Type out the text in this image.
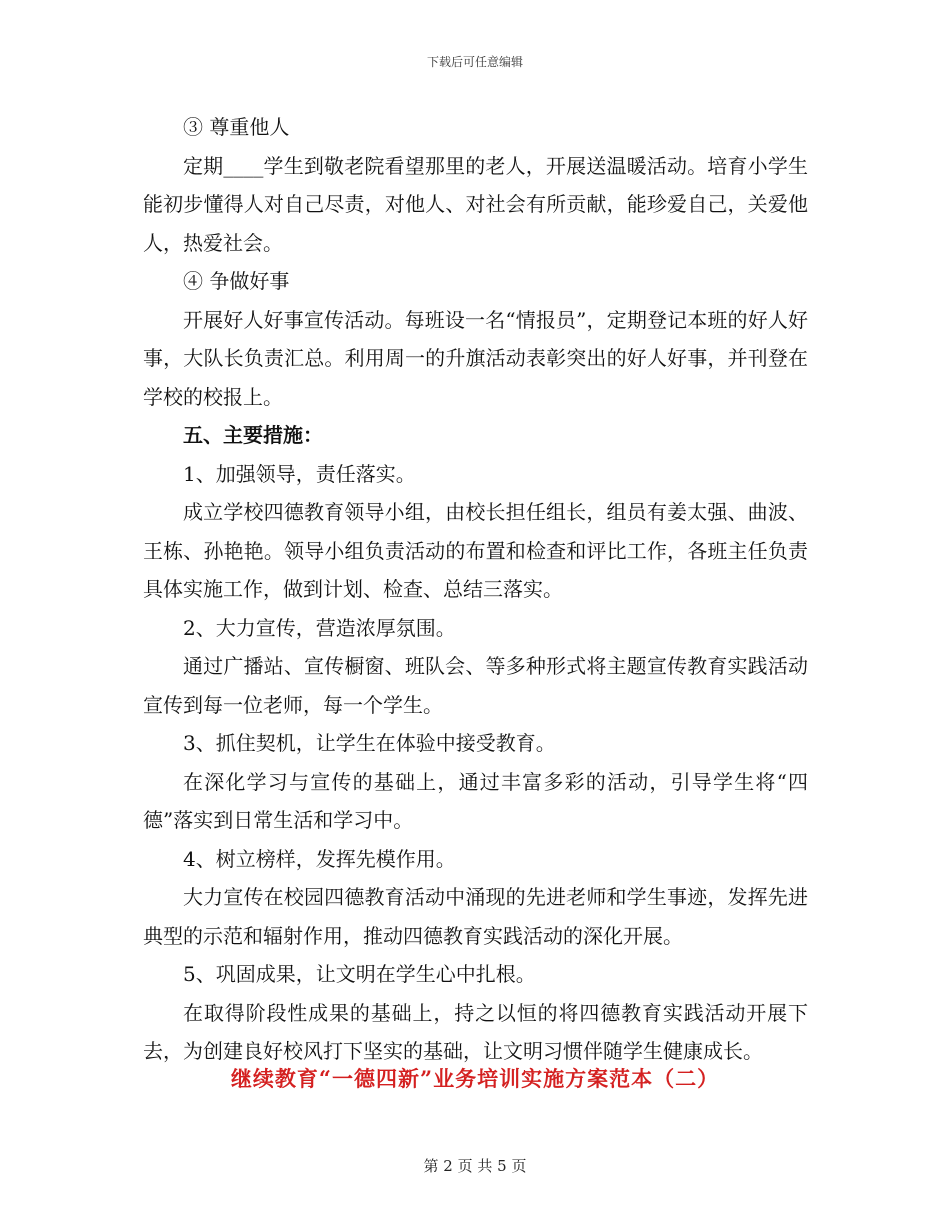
下载后可任意编辑

③ 尊重他人

定期____学生到敬老院看望那里的老人，开展送温暖活动。培育小学生能初步懂得人对自己尽责，对他人、对社会有所贡献，能珍爱自己，关爱他人，热爱社会。

④ 争做好事

开展好人好事宣传活动。每班设一名“情报员”，定期登记本班的好人好事，大队长负责汇总。利用周一的升旗活动表彰突出的好人好事，并刊登在学校的校报上。

五、主要措施：

1、加强领导，责任落实。

成立学校四德教育领导小组，由校长担任组长，组员有姜太强、曲波、王栋、孙艳艳。领导小组负责活动的布置和检查和评比工作，各班主任负责具体实施工作，做到计划、检查、总结三落实。

2、大力宣传，营造浓厚氛围。

通过广播站、宣传橱窗、班队会、等多种形式将主题宣传教育实践活动宣传到每一位老师，每一个学生。

3、抓住契机，让学生在体验中接受教育。

在深化学习与宣传的基础上，通过丰富多彩的活动，引导学生将“四德”落实到日常生活和学习中。

4、树立榜样，发挥先模作用。

大力宣传在校园四德教育活动中涌现的先进老师和学生事迹，发挥先进典型的示范和辐射作用，推动四德教育实践活动的深化开展。

5、巩固成果，让文明在学生心中扎根。

在取得阶段性成果的基础上，持之以恒的将四德教育实践活动开展下去，为创建良好校风打下坚实的基础，让文明习惯伴随学生健康成长。

继续教育“一德四新”业务培训实施方案范本（二）
第 2 页 共 5 页
